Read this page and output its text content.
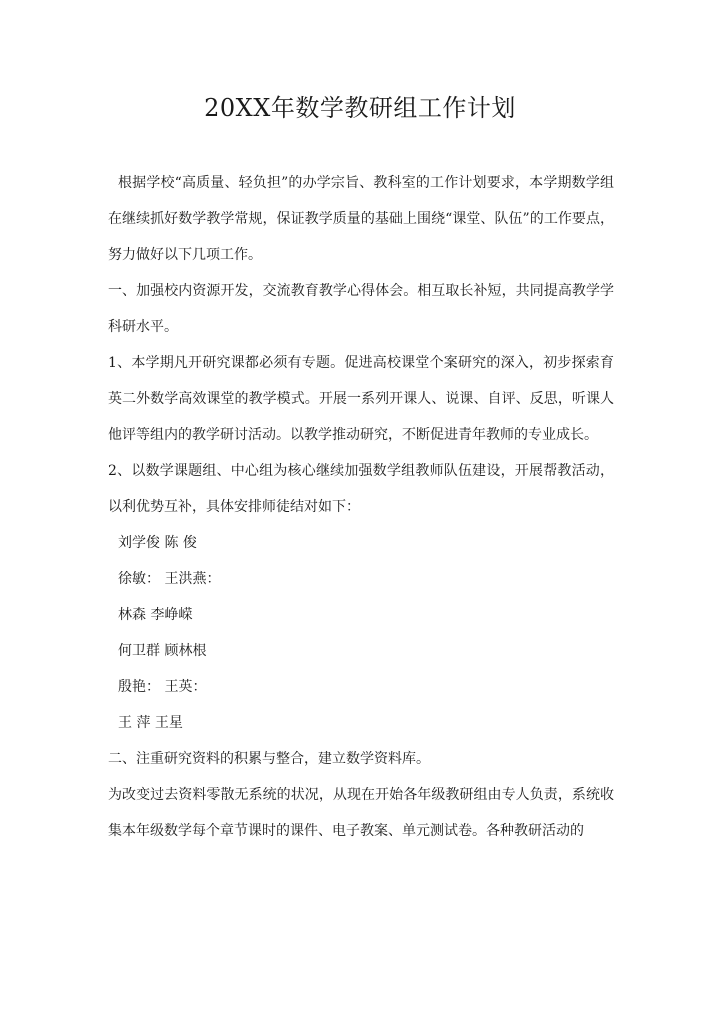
20XX年数学教研组工作计划

根据学校“高质量、轻负担”的办学宗旨、教科室的工作计划要求，本学期数学组在继续抓好数学教学常规，保证教学质量的基础上围绕“课堂、队伍”的工作要点，努力做好以下几项工作。

一、加强校内资源开发，交流教育教学心得体会。相互取长补短，共同提高教学学科研水平。

1、本学期凡开研究课都必须有专题。促进高校课堂个案研究的深入，初步探索育英二外数学高效课堂的教学模式。开展一系列开课人、说课、自评、反思，听课人他评等组内的教学研讨活动。以教学推动研究，不断促进青年教师的专业成长。

2、以数学课题组、中心组为核心继续加强数学组教师队伍建设，开展帮教活动，以利优势互补，具体安排师徒结对如下：

刘学俊 陈 俊

徐敏： 王洪燕：

林森 李峥嵘

何卫群 顾林根

殷艳： 王英：

王 萍 王星

二、注重研究资料的积累与整合，建立数学资料库。

为改变过去资料零散无系统的状况，从现在开始各年级教研组由专人负责，系统收集本年级数学每个章节课时的课件、电子教案、单元测试卷。各种教研活动的
